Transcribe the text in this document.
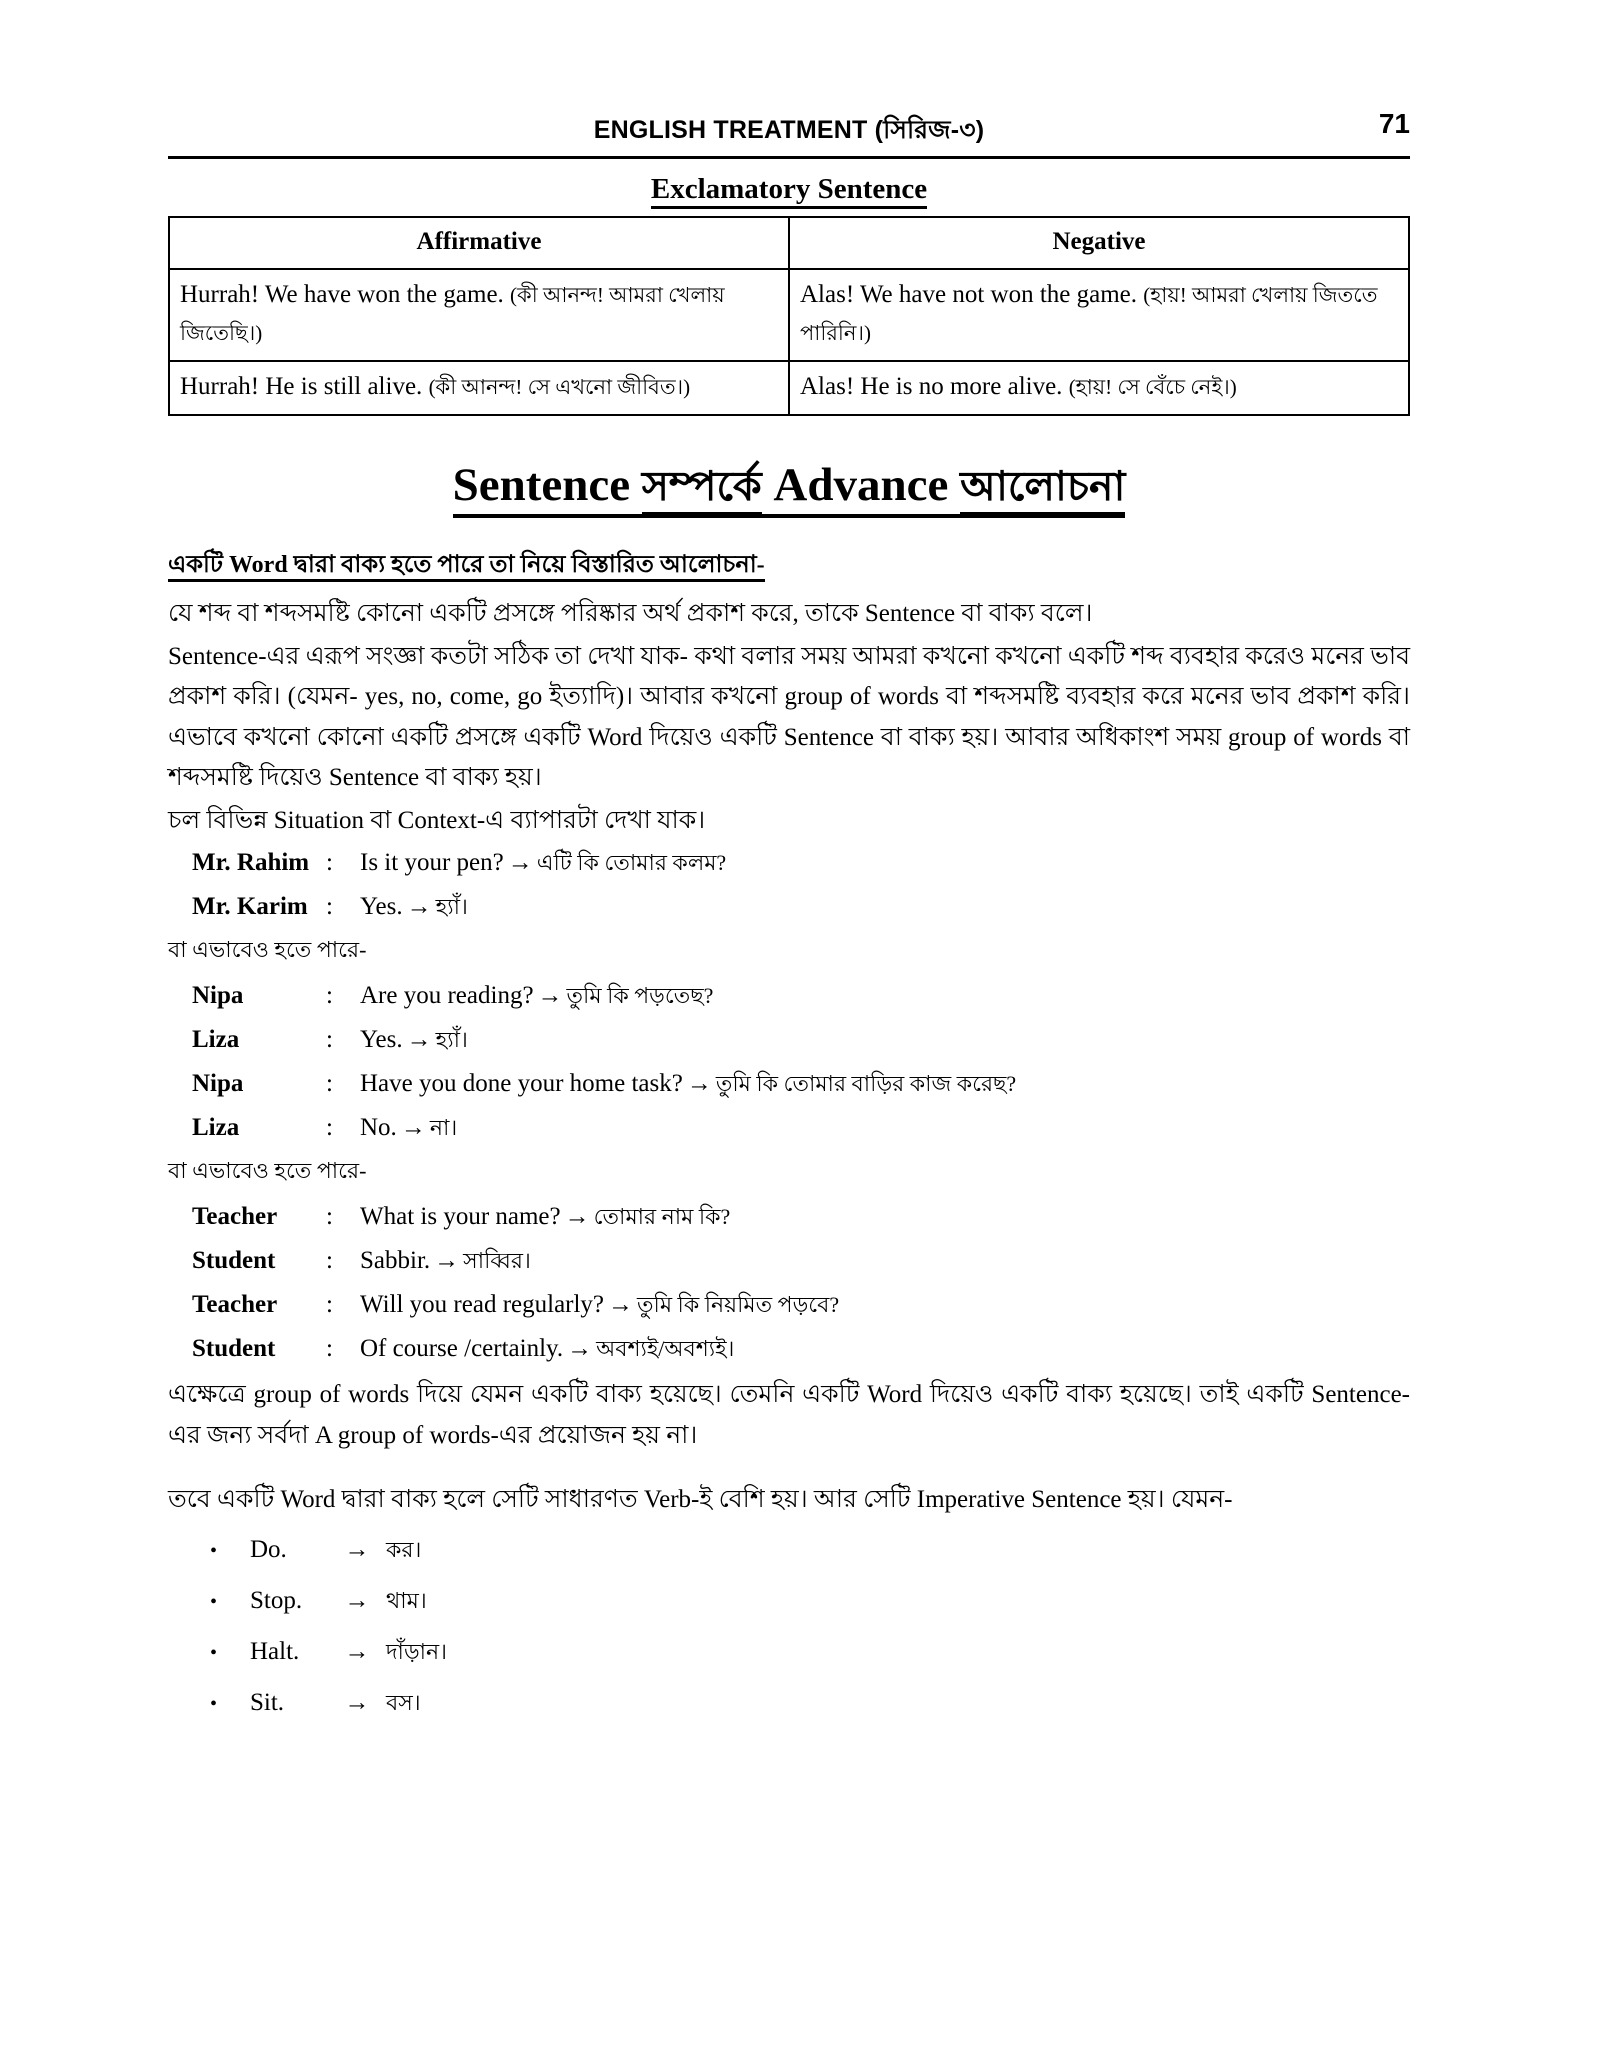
ENGLISH TREATMENT (সিরিজ-৩)	71
Exclamatory Sentence
Affirmative	Negative
Hurrah! We have won the game. (কী আনন্দ! আমরা খেলায় জিতেছি।)	Alas! We have not won the game. (হায়! আমরা খেলায় জিততে পারিনি।)
Hurrah! He is still alive. (কী আনন্দ! সে এখনো জীবিত।)	Alas! He is no more alive. (হায়! সে বেঁচে নেই।)
Sentence সম্পর্কে Advance আলোচনা
একটি Word দ্বারা বাক্য হতে পারে তা নিয়ে বিস্তারিত আলোচনা-

যে শব্দ বা শব্দসমষ্টি কোনো একটি প্রসঙ্গে পরিষ্কার অর্থ প্রকাশ করে, তাকে Sentence বা বাক্য বলে।

Sentence-এর এরূপ সংজ্ঞা কতটা সঠিক তা দেখা যাক- কথা বলার সময় আমরা কখনো কখনো একটি শব্দ ব্যবহার করেও মনের ভাব প্রকাশ করি। (যেমন- yes, no, come, go ইত্যাদি)। আবার কখনো group of words বা শব্দসমষ্টি ব্যবহার করে মনের ভাব প্রকাশ করি। এভাবে কখনো কোনো একটি প্রসঙ্গে একটি Word দিয়েও একটি Sentence বা বাক্য হয়। আবার অধিকাংশ সময় group of words বা শব্দসমষ্টি দিয়েও Sentence বা বাক্য হয়।

চল বিভিন্ন Situation বা Context-এ ব্যাপারটা দেখা যাক।

Mr. Rahim :	Is it your pen? → এটি কি তোমার কলম?
Mr. Karim :	Yes. → হ্যাঁ।
বা এভাবেও হতে পারে-
Nipa	:	Are you reading? → তুমি কি পড়তেছ?
Liza	:	Yes. → হ্যাঁ।
Nipa	:	Have you done your home task? → তুমি কি তোমার বাড়ির কাজ করেছ?
Liza	:	No. → না।
বা এভাবেও হতে পারে-
Teacher	:	What is your name? → তোমার নাম কি?
Student	:	Sabbir. → সাব্বির।
Teacher	:	Will you read regularly? → তুমি কি নিয়মিত পড়বে?
Student	:	Of course /certainly. → অবশ্যই/অবশ্যই।

এক্ষেত্রে group of words দিয়ে যেমন একটি বাক্য হয়েছে। তেমনি একটি Word দিয়েও একটি বাক্য হয়েছে। তাই একটি Sentence-এর জন্য সর্বদা A group of words-এর প্রয়োজন হয় না।

তবে একটি Word দ্বারা বাক্য হলে সেটি সাধারণত Verb-ই বেশি হয়। আর সেটি Imperative Sentence হয়। যেমন-

•	Do.	→ কর।
•	Stop.	→ থাম।
•	Halt.	→ দাঁড়ান।
•	Sit.	→ বস।
